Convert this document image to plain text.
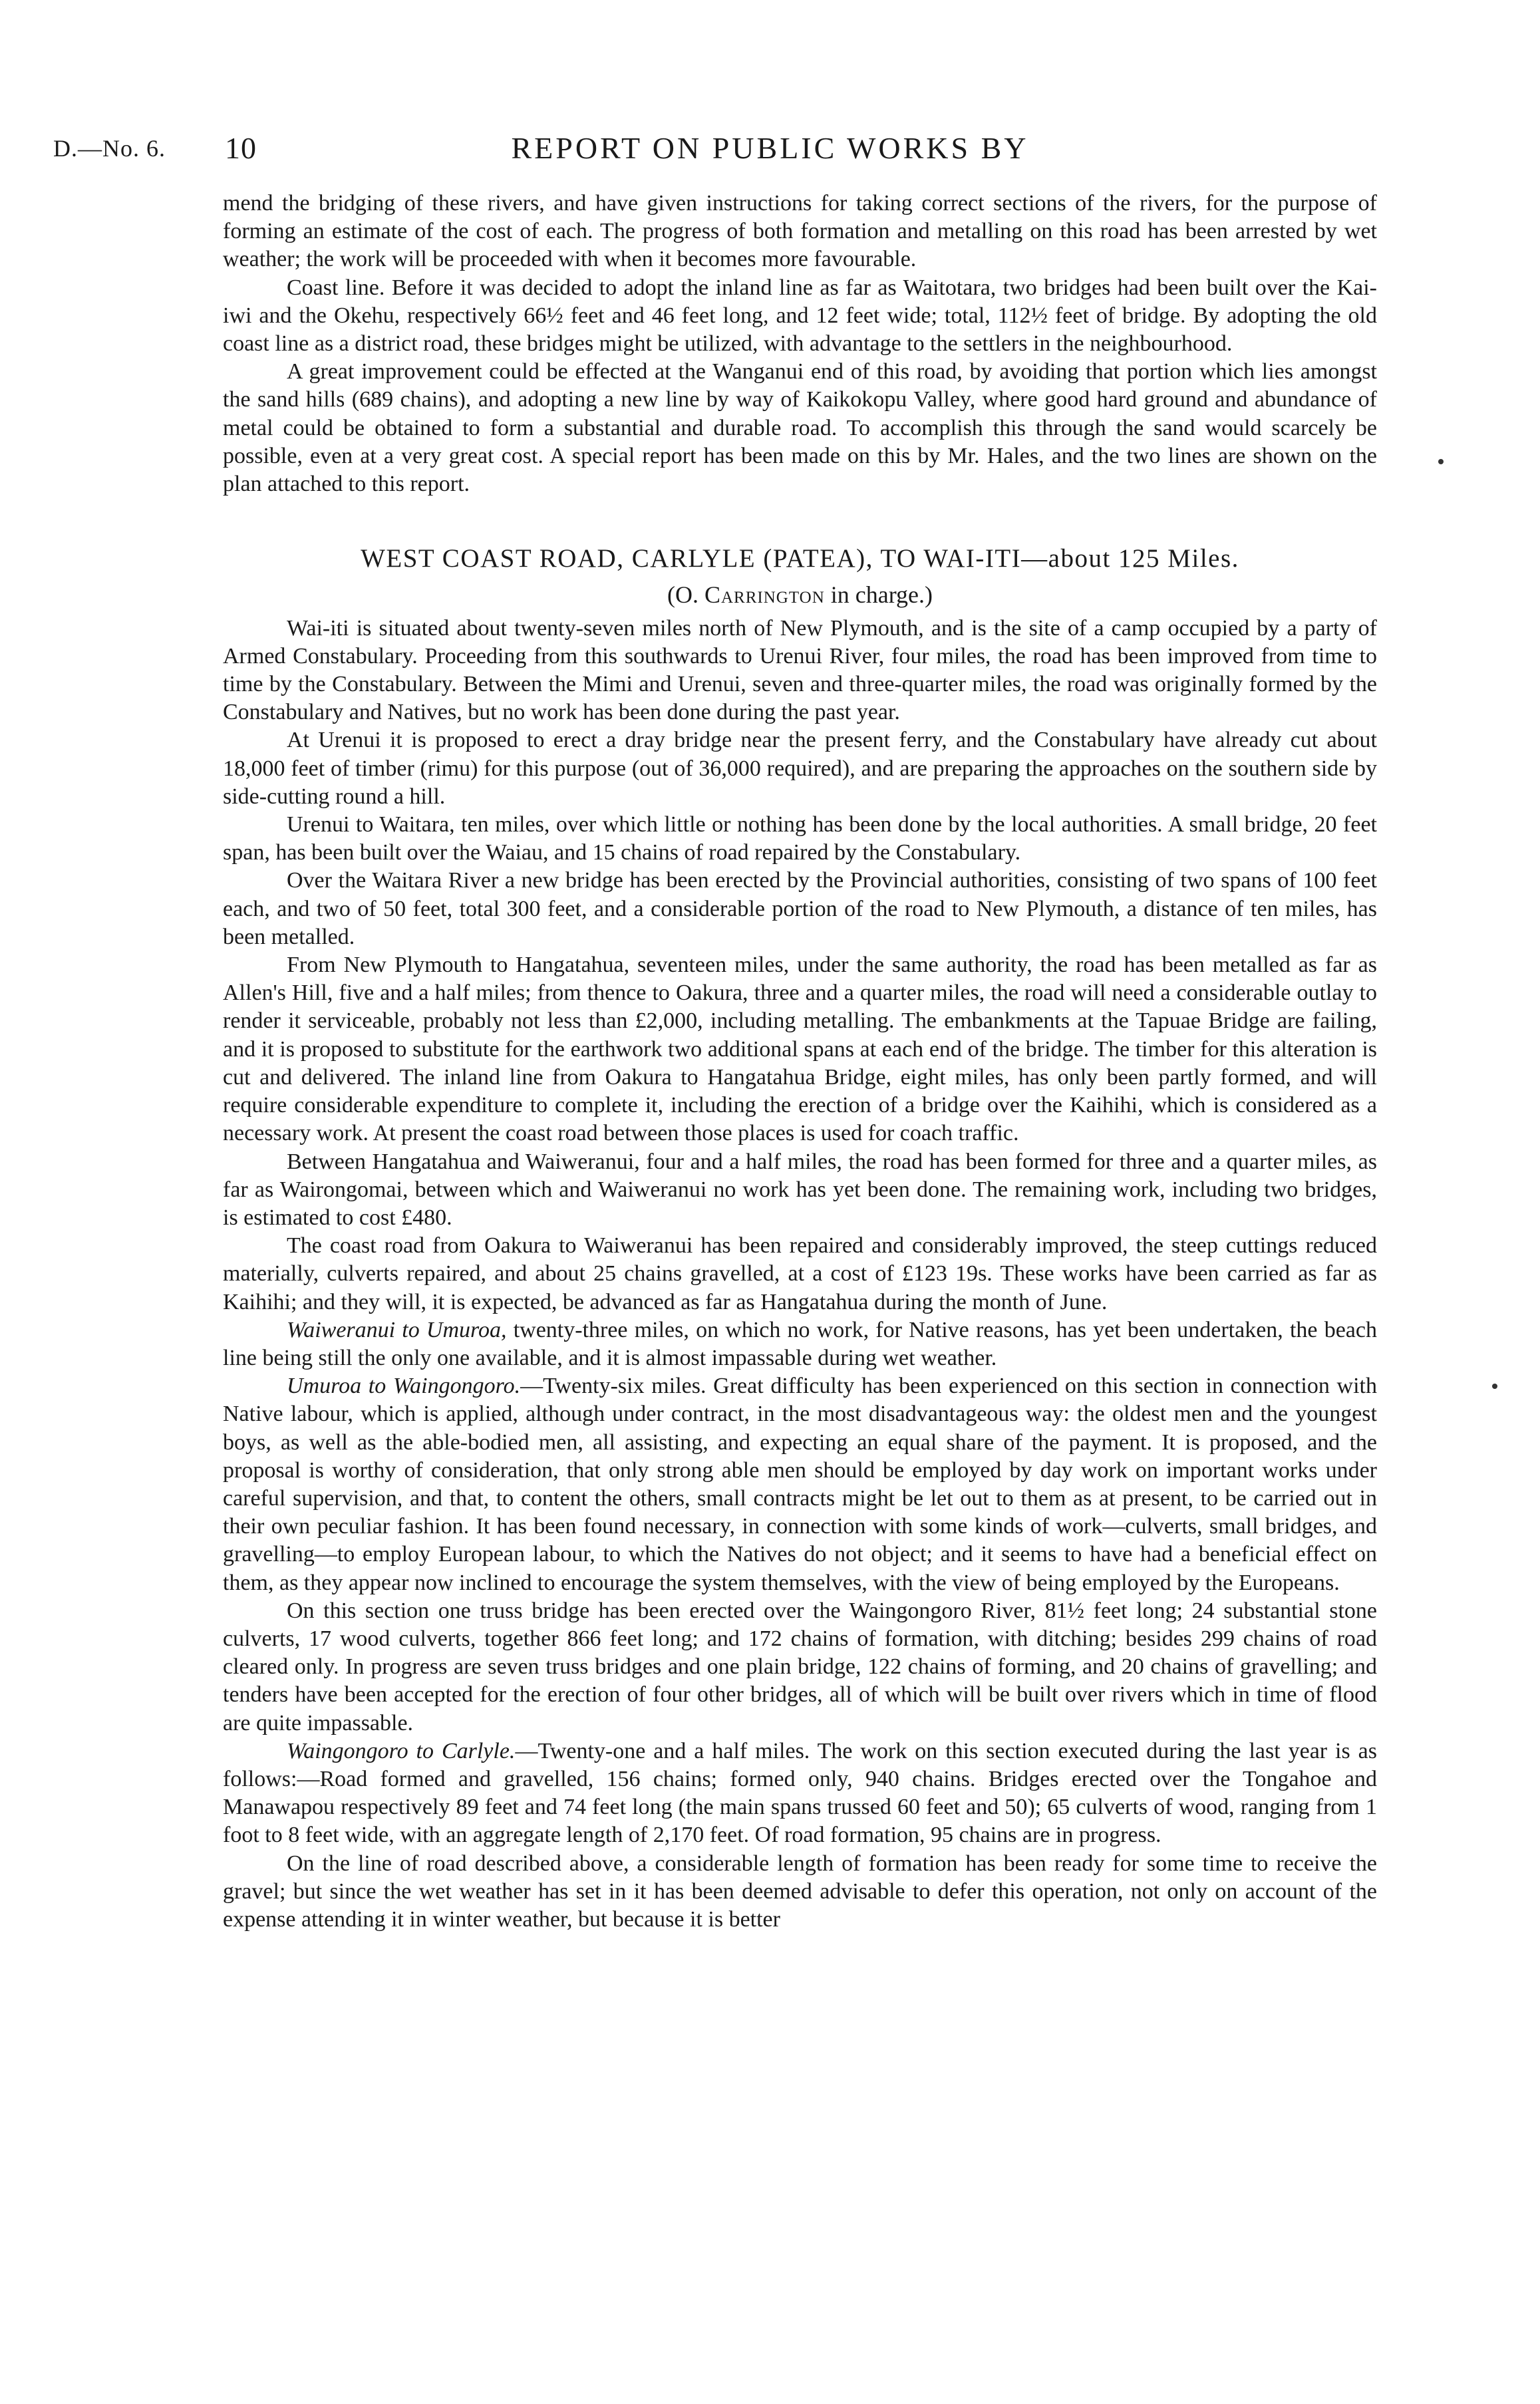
D.—No. 6. 10	REPORT ON PUBLIC WORKS BY

mend the bridging of these rivers, and have given instructions for taking correct sections of the rivers, for the purpose of forming an estimate of the cost of each. The progress of both formation and metalling on this road has been arrested by wet weather; the work will be proceeded with when it becomes more favourable.

Coast line. Before it was decided to adopt the inland line as far as Waitotara, two bridges had been built over the Kai-iwi and the Okehu, respectively 66½ feet and 46 feet long, and 12 feet wide; total, 112½ feet of bridge. By adopting the old coast line as a district road, these bridges might be utilized, with advantage to the settlers in the neighbourhood.

A great improvement could be effected at the Wanganui end of this road, by avoiding that portion which lies amongst the sand hills (689 chains), and adopting a new line by way of Kaikokopu Valley, where good hard ground and abundance of metal could be obtained to form a substantial and durable road. To accomplish this through the sand would scarcely be possible, even at a very great cost. A special report has been made on this by Mr. Hales, and the two lines are shown on the plan attached to this report.

WEST COAST ROAD, CARLYLE (PATEA), TO WAI-ITI—about 125 Miles.
(O. Carrington in charge.)

Wai-iti is situated about twenty-seven miles north of New Plymouth, and is the site of a camp occupied by a party of Armed Constabulary. Proceeding from this southwards to Urenui River, four miles, the road has been improved from time to time by the Constabulary. Between the Mimi and Urenui, seven and three-quarter miles, the road was originally formed by the Constabulary and Natives, but no work has been done during the past year.

At Urenui it is proposed to erect a dray bridge near the present ferry, and the Constabulary have already cut about 18,000 feet of timber (rimu) for this purpose (out of 36,000 required), and are preparing the approaches on the southern side by side-cutting round a hill.

Urenui to Waitara, ten miles, over which little or nothing has been done by the local authorities. A small bridge, 20 feet span, has been built over the Waiau, and 15 chains of road repaired by the Constabulary.

Over the Waitara River a new bridge has been erected by the Provincial authorities, consisting of two spans of 100 feet each, and two of 50 feet, total 300 feet, and a considerable portion of the road to New Plymouth, a distance of ten miles, has been metalled.

From New Plymouth to Hangatahua, seventeen miles, under the same authority, the road has been metalled as far as Allen's Hill, five and a half miles; from thence to Oakura, three and a quarter miles, the road will need a considerable outlay to render it serviceable, probably not less than £2,000, including metalling. The embankments at the Tapuae Bridge are failing, and it is proposed to substitute for the earthwork two additional spans at each end of the bridge. The timber for this alteration is cut and delivered. The inland line from Oakura to Hangatahua Bridge, eight miles, has only been partly formed, and will require considerable expenditure to complete it, including the erection of a bridge over the Kaihihi, which is considered as a necessary work. At present the coast road between those places is used for coach traffic.

Between Hangatahua and Waiweranui, four and a half miles, the road has been formed for three and a quarter miles, as far as Wairongomai, between which and Waiweranui no work has yet been done. The remaining work, including two bridges, is estimated to cost £480.

The coast road from Oakura to Waiweranui has been repaired and considerably improved, the steep cuttings reduced materially, culverts repaired, and about 25 chains gravelled, at a cost of £123 19s. These works have been carried as far as Kaihihi; and they will, it is expected, be advanced as far as Hangatahua during the month of June.

Waiweranui to Umuroa, twenty-three miles, on which no work, for Native reasons, has yet been undertaken, the beach line being still the only one available, and it is almost impassable during wet weather.

Umuroa to Waingongoro.—Twenty-six miles. Great difficulty has been experienced on this section in connection with Native labour, which is applied, although under contract, in the most disadvantageous way: the oldest men and the youngest boys, as well as the able-bodied men, all assisting, and expecting an equal share of the payment. It is proposed, and the proposal is worthy of consideration, that only strong able men should be employed by day work on important works under careful supervision, and that, to content the others, small contracts might be let out to them as at present, to be carried out in their own peculiar fashion. It has been found necessary, in connection with some kinds of work—culverts, small bridges, and gravelling—to employ European labour, to which the Natives do not object; and it seems to have had a beneficial effect on them, as they appear now inclined to encourage the system themselves, with the view of being employed by the Europeans.

On this section one truss bridge has been erected over the Waingongoro River, 81½ feet long; 24 substantial stone culverts, 17 wood culverts, together 866 feet long; and 172 chains of formation, with ditching; besides 299 chains of road cleared only. In progress are seven truss bridges and one plain bridge, 122 chains of forming, and 20 chains of gravelling; and tenders have been accepted for the erection of four other bridges, all of which will be built over rivers which in time of flood are quite impassable.

Waingongoro to Carlyle.—Twenty-one and a half miles. The work on this section executed during the last year is as follows:—Road formed and gravelled, 156 chains; formed only, 940 chains. Bridges erected over the Tongahoe and Manawapou respectively 89 feet and 74 feet long (the main spans trussed 60 feet and 50); 65 culverts of wood, ranging from 1 foot to 8 feet wide, with an aggregate length of 2,170 feet. Of road formation, 95 chains are in progress.

On the line of road described above, a considerable length of formation has been ready for some time to receive the gravel; but since the wet weather has set in it has been deemed advisable to defer this operation, not only on account of the expense attending it in winter weather, but because it is better
